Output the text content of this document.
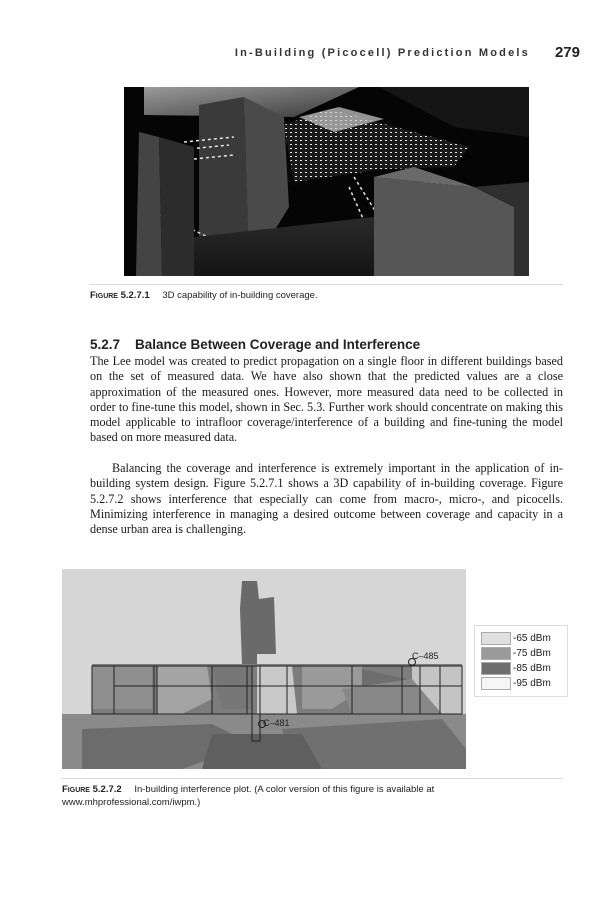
In-Building (Picocell) Prediction Models 279
Figure 5.2.7.1 3D capability of in-building coverage.
5.2.7 Balance Between Coverage and Interference

The Lee model was created to predict propagation on a single floor in different buildings based on the set of measured data. We have also shown that the predicted values are a close approximation of the measured ones. However, more measured data need to be collected in order to fine-tune this model, shown in Sec. 5.3. Further work should concentrate on making this model applicable to intrafloor coverage/interference of a building and fine-tuning the model based on more measured data.

Balancing the coverage and interference is extremely important in the application of in-building system design. Figure 5.2.7.1 shows a 3D capability of in-building coverage. Figure 5.2.7.2 shows interference that especially can come from macro-, micro-, and picocells. Minimizing interference in managing a desired outcome between coverage and capacity in a dense urban area is challenging.

C–485
C–481
-65 dBm
-75 dBm
-85 dBm
-95 dBm
Figure 5.2.7.2 In-building interference plot. (A color version of this figure is available at www.mhprofessional.com/iwpm.)
